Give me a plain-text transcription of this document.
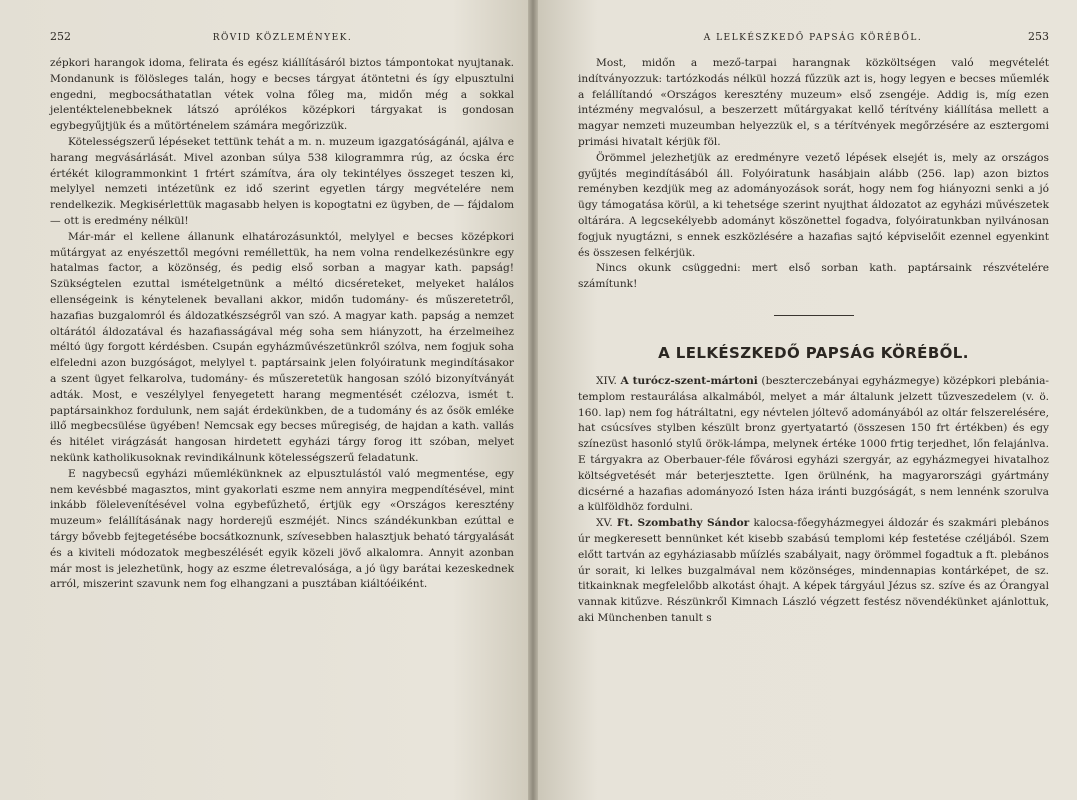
252	RÖVID KÖZLEMÉNYEK.

zépkori harangok idoma, felirata és egész kiállításáról biztos támpontokat nyujtanak. Mondanunk is fölösleges talán, hogy e becses tárgyat átöntetni és így elpusztulni engedni, megbocsáthatatlan vétek volna főleg ma, midőn még a sokkal jelentéktelenebbeknek látszó aprólékos középkori tárgyakat is gondosan egybegyűjtjük és a műtörténelem számára megőrizzük.

Kötelességszerű lépéseket tettünk tehát a m. n. muzeum igazgatóságánál, ajálva e harang megvásárlását. Mivel azonban súlya 538 kilogrammra rúg, az ócska érc értékét kilogrammonkint 1 frtért számítva, ára oly tekintélyes összeget teszen ki, melylyel nemzeti intézetünk ez idő szerint egyetlen tárgy megvételére nem rendelkezik. Megkisérlettük magasabb helyen is kopogtatni ez ügyben, de — fájdalom — ott is eredmény nélkül!

Már-már el kellene állanunk elhatározásunktól, melylyel e becses középkori műtárgyat az enyészettől megóvni reméllettük, ha nem volna rendelkezésünkre egy hatalmas factor, a közönség, és pedig első sorban a magyar kath. papság! Szükségtelen ezuttal ismételgetnünk a méltó dicséreteket, melyeket halálos ellenségeink is kénytelenek bevallani akkor, midőn tudomány- és műszeretetről, hazafias buzgalomról és áldozatkészségről van szó. A magyar kath. papság a nemzet oltárától áldozatával és hazafiasságával még soha sem hiányzott, ha érzelmeihez méltó ügy forgott kérdésben. Csupán egyházművészetünkről szólva, nem fogjuk soha elfeledni azon buzgóságot, melylyel t. paptársaink jelen folyóiratunk megindításakor a szent ügyet felkarolva, tudomány- és műszeretetük hangosan szóló bizonyítványát adták. Most, e veszélylyel fenyegetett harang megmentését czélozva, ismét t. paptársainkhoz fordulunk, nem saját érdekünkben, de a tudomány és az ősök emléke illő megbecsülése ügyében! Nemcsak egy becses műregiség, de hajdan a kath. vallás és hitélet virágzását hangosan hirdetett egyházi tárgy forog itt szóban, melyet nekünk katholikusoknak revindikálnunk kötelességszerű feladatunk.

E nagybecsű egyházi műemlékünknek az elpusztulástól való megmentése, egy nem kevésbbé magasztos, mint gyakorlati eszme nem annyira megpendítésével, mint inkább fölelevenítésével volna egybefűzhető, értjük egy «Országos keresztény muzeum» felállításának nagy horderejű eszméjét. Nincs szándékunkban ezúttal e tárgy bővebb fejtegetésébe bocsátkoznunk, szívesebben halasztjuk beható tárgyalását és a kiviteli módozatok megbeszélését egyik közeli jövő alkalomra. Annyit azonban már most is jelezhetünk, hogy az eszme életrevalósága, a jó ügy barátai kezeskednek arról, miszerint szavunk nem fog elhangzani a pusztában kiáltóéiként.

A LELKÉSZKEDŐ PAPSÁG KÖRÉBŐL.	253

Most, midőn a mező-tarpai harangnak közköltségen való megvételét indítványozzuk: tartózkodás nélkül hozzá fűzzük azt is, hogy legyen e becses műemlék a felállítandó «Országos keresztény muzeum» első zsengéje. Addig is, míg ezen intézmény megvalósul, a beszerzett műtárgyakat kellő térítvény kiállítása mellett a magyar nemzeti muzeumban helyezzük el, s a térítvények megőrzésére az esztergomi primási hivatalt kérjük föl.

Örömmel jelezhetjük az eredményre vezető lépések elsejét is, mely az országos gyűjtés megindításából áll. Folyóiratunk hasábjain alább (256. lap) azon biztos reményben kezdjük meg az adományozások sorát, hogy nem fog hiányozni senki a jó ügy támogatása körül, a ki tehetsége szerint nyujthat áldozatot az egyházi művészetek oltárára. A legcsekélyebb adományt köszönettel fogadva, folyóiratunkban nyilvánosan fogjuk nyugtázni, s ennek eszközlésére a hazafias sajtó képviselőit ezennel egyenkint és összesen felkérjük.

Nincs okunk csüggedni: mert első sorban kath. paptársaink részvételére számítunk!

A LELKÉSZKEDŐ PAPSÁG KÖRÉBŐL.

XIV. A turócz-szent-mártoni (beszterczebányai egyházmegye) középkori plebánia-templom restaurálása alkalmából, melyet a már általunk jelzett tűzveszedelem (v. ö. 160. lap) nem fog hátráltatni, egy névtelen jóltevő adományából az oltár felszerelésére, hat csúcsíves stylben készült bronz gyertyatartó (összesen 150 frt értékben) és egy színezüst hasonló stylű örök-lámpa, melynek értéke 1000 frtig terjedhet, lőn felajánlva. E tárgyakra az Oberbauer-féle fővárosi egyházi szergyár, az egyházmegyei hivatalhoz költségvetését már beterjesztette. Igen örülnénk, ha magyarországi gyártmány dicsérné a hazafias adományozó Isten háza iránti buzgóságát, s nem lennénk szorulva a külföldhöz fordulni.

XV. Ft. Szombathy Sándor kalocsa-főegyházmegyei áldozár és szakmári plebános úr megkeresett bennünket két kisebb szabású templomi kép festetése czéljából. Szem előtt tartván az egyháziasabb műízlés szabályait, nagy örömmel fogadtuk a ft. plebános úr sorait, ki lelkes buzgalmával nem közönséges, mindennapias kontárképet, de sz. titkainknak megfelelőbb alkotást óhajt. A képek tárgyául Jézus sz. szíve és az Órangyal vannak kitűzve. Részünkről Kimnach László végzett festész növendékünket ajánlottuk, aki Münchenben tanult s
